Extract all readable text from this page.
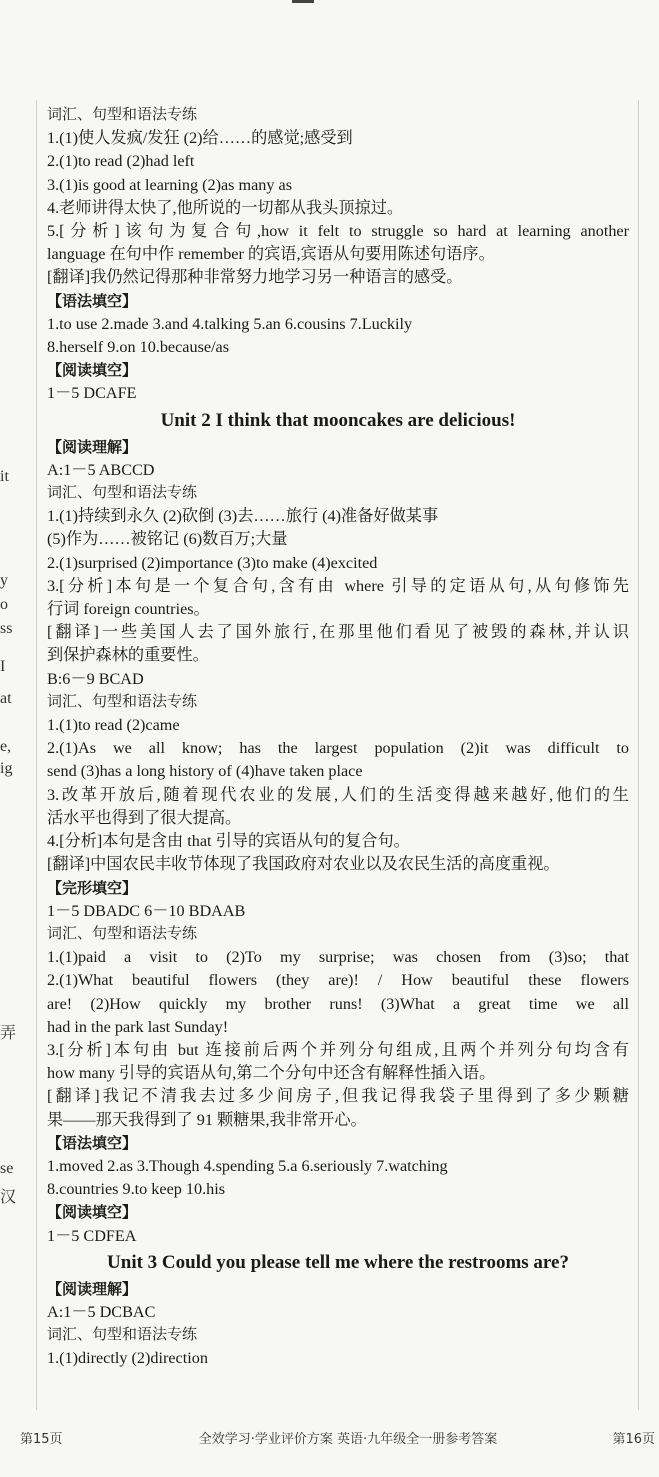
it
y
o
ss
I
at
e,
ig
弄
se
汉
词汇、句型和语法专练
1.(1)使人发疯/发狂 (2)给……的感觉;感受到
2.(1)to read (2)had left
3.(1)is good at learning (2)as many as
4.老师讲得太快了,他所说的一切都从我头顶掠过。
5.[分析]该句为复合句,how it felt to struggle so hard at learning another
language 在句中作 remember 的宾语,宾语从句要用陈述句语序。
[翻译]我仍然记得那种非常努力地学习另一种语言的感受。
【语法填空】
1.to use 2.made 3.and 4.talking 5.an 6.cousins 7.Luckily
8.herself 9.on 10.because/as
【阅读填空】
1－5 DCAFE
Unit 2 I think that mooncakes are delicious!
【阅读理解】
A:1－5 ABCCD
词汇、句型和语法专练
1.(1)持续到永久 (2)砍倒 (3)去……旅行 (4)准备好做某事
(5)作为……被铭记 (6)数百万;大量
2.(1)surprised (2)importance (3)to make (4)excited
3.[分析]本句是一个复合句,含有由 where 引导的定语从句,从句修饰先
行词 foreign countries。
[翻译]一些美国人去了国外旅行,在那里他们看见了被毁的森林,并认识
到保护森林的重要性。
B:6－9 BCAD
词汇、句型和语法专练
1.(1)to read (2)came
2.(1)As we all know; has the largest population (2)it was difficult to
send (3)has a long history of (4)have taken place
3.改革开放后,随着现代农业的发展,人们的生活变得越来越好,他们的生
活水平也得到了很大提高。
4.[分析]本句是含由 that 引导的宾语从句的复合句。
[翻译]中国农民丰收节体现了我国政府对农业以及农民生活的高度重视。
【完形填空】
1－5 DBADC 6－10 BDAAB
词汇、句型和语法专练
1.(1)paid a visit to (2)To my surprise; was chosen from (3)so; that
2.(1)What beautiful flowers (they are)! / How beautiful these flowers
are! (2)How quickly my brother runs! (3)What a great time we all
had in the park last Sunday!
3.[分析]本句由 but 连接前后两个并列分句组成,且两个并列分句均含有
how many 引导的宾语从句,第二个分句中还含有解释性插入语。
[翻译]我记不清我去过多少间房子,但我记得我袋子里得到了多少颗糖
果——那天我得到了 91 颗糖果,我非常开心。
【语法填空】
1.moved 2.as 3.Though 4.spending 5.a 6.seriously 7.watching
8.countries 9.to keep 10.his
【阅读填空】
1－5 CDFEA
Unit 3 Could you please tell me where the restrooms are?
【阅读理解】
A:1－5 DCBAC
词汇、句型和语法专练
1.(1)directly (2)direction
第15页	全效学习·学业评价方案 英语·九年级全一册参考答案	第16页
